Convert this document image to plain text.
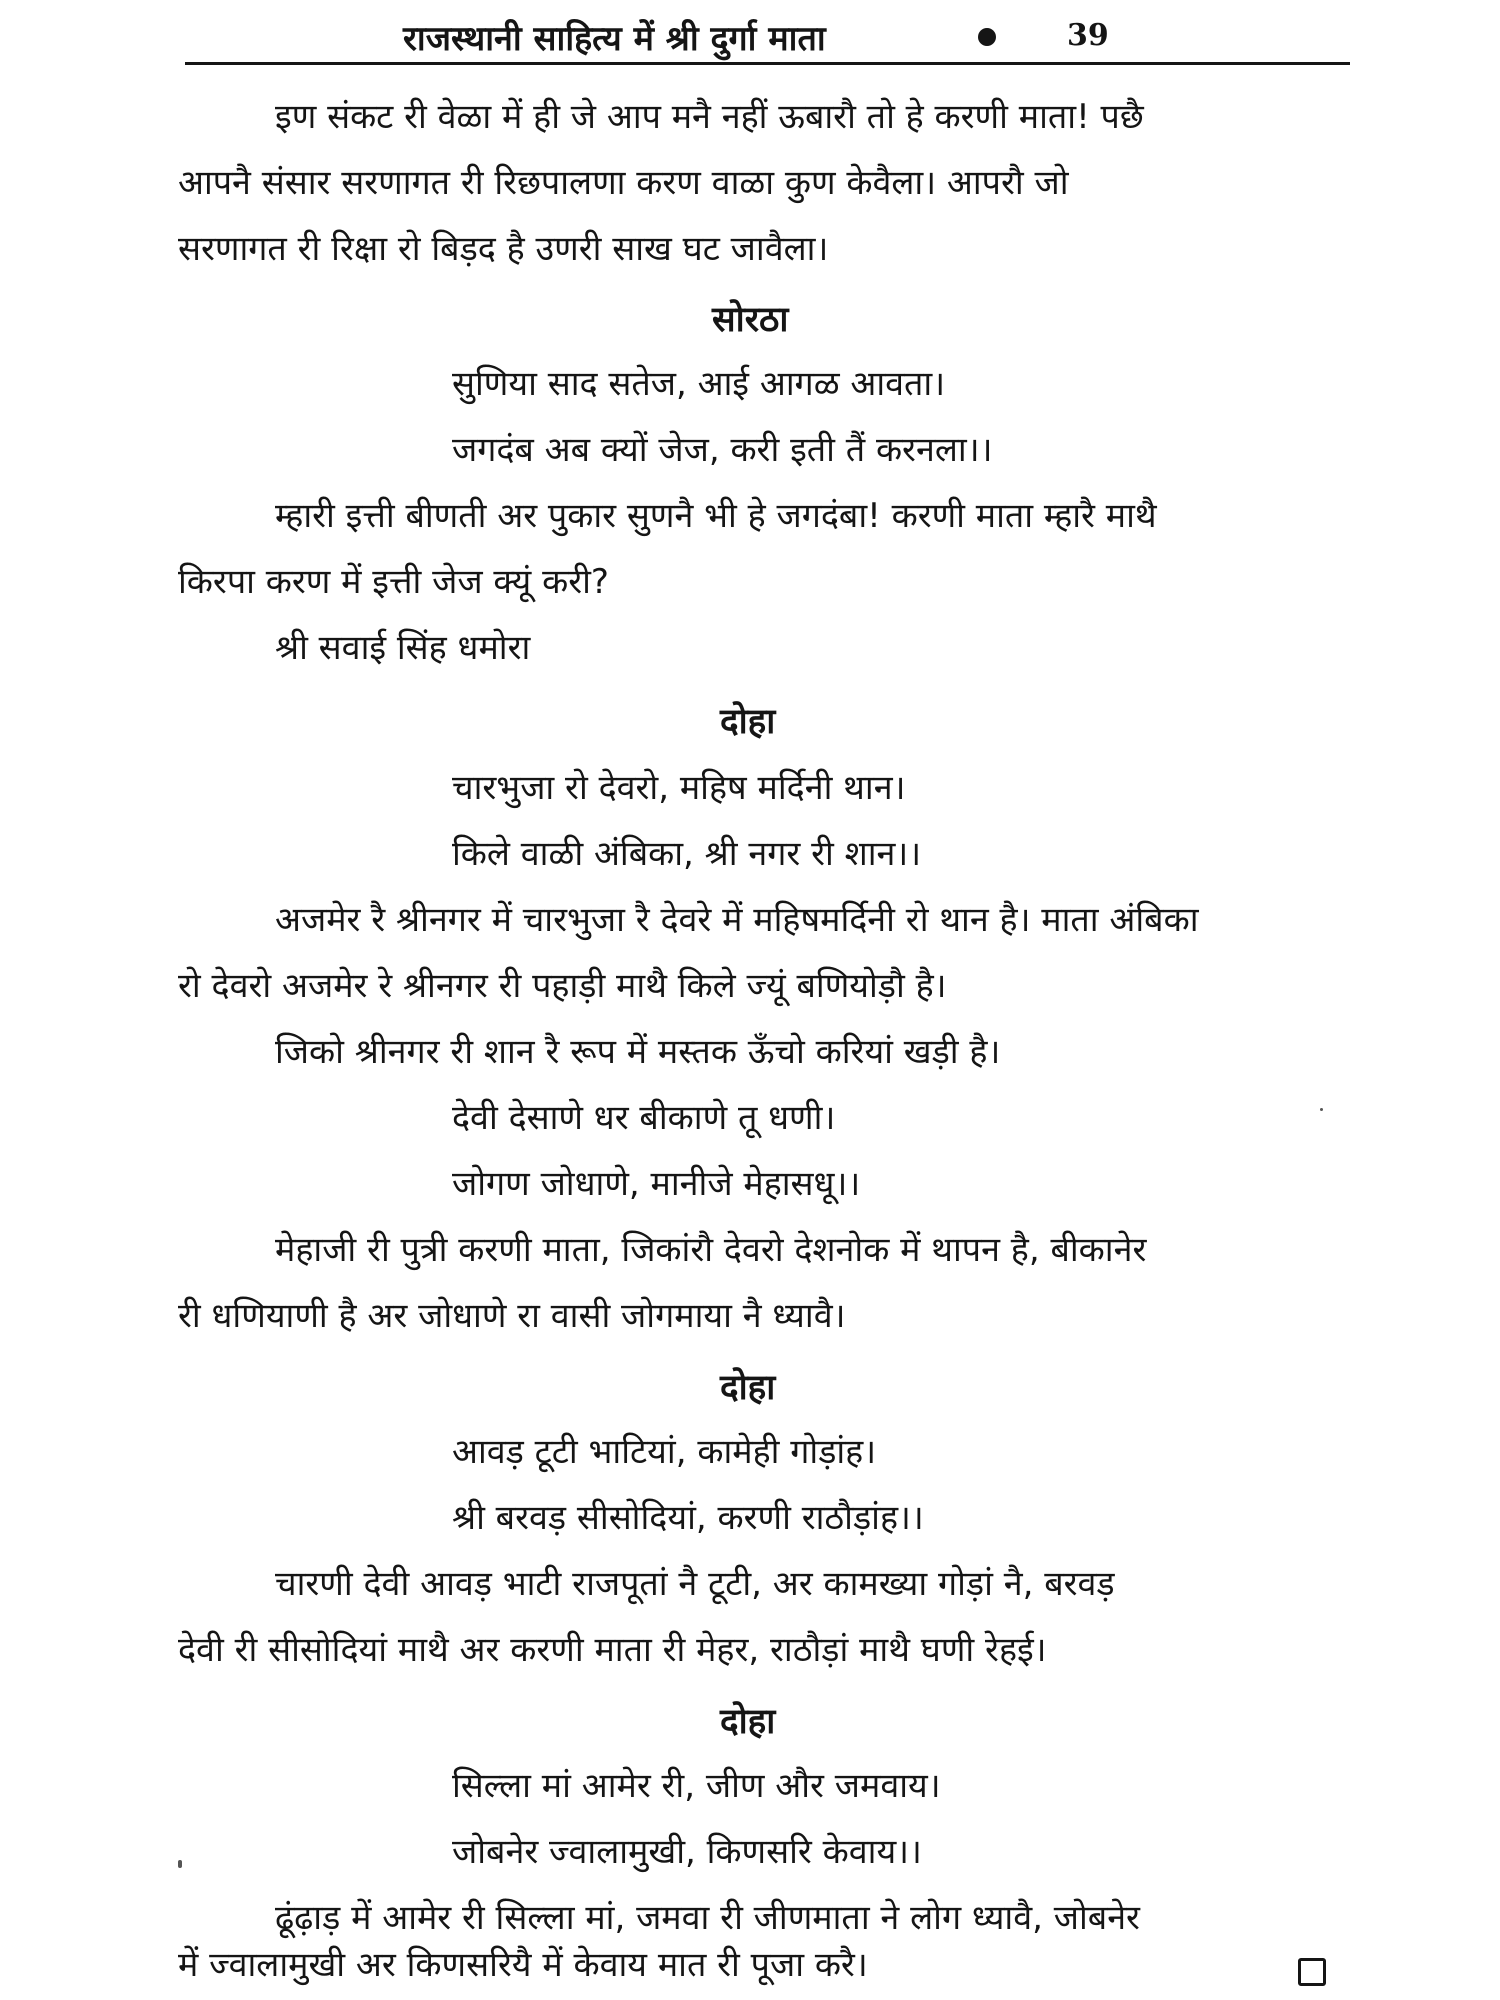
राजस्थानी साहित्य में श्री दुर्गा माता	39
इण संकट री वेळा में ही जे आप मनै नहीं ऊबारौ तो हे करणी माता! पछै
आपनै संसार सरणागत री रिछपालणा करण वाळा कुण केवैला। आपरौ जो
सरणागत री रिक्षा रो बिड़द है उणरी साख घट जावैला।
सोरठा
सुणिया साद सतेज, आई आगळ आवता।
जगदंब अब क्यों जेज, करी इती तैं करनला।।
म्हारी इत्ती बीणती अर पुकार सुणनै भी हे जगदंबा! करणी माता म्हारै माथै
किरपा करण में इत्ती जेज क्यूं करी?
श्री सवाई सिंह धमोरा
दोहा
चारभुजा रो देवरो, महिष मर्दिनी थान।
किले वाळी अंबिका, श्री नगर री शान।।
अजमेर रै श्रीनगर में चारभुजा रै देवरे में महिषमर्दिनी रो थान है। माता अंबिका
रो देवरो अजमेर रे श्रीनगर री पहाड़ी माथै किले ज्यूं बणियोड़ौ है।
जिको श्रीनगर री शान रै रूप में मस्तक ऊँचो करियां खड़ी है।
देवी देसाणे धर बीकाणे तू धणी।
जोगण जोधाणे, मानीजे मेहासधू।।
मेहाजी री पुत्री करणी माता, जिकांरौ देवरो देशनोक में थापन है, बीकानेर
री धणियाणी है अर जोधाणे रा वासी जोगमाया नै ध्यावै।
दोहा
आवड़ टूटी भाटियां, कामेही गोड़ांह।
श्री बरवड़ सीसोदियां, करणी राठौड़ांह।।
चारणी देवी आवड़ भाटी राजपूतां नै टूटी, अर कामख्या गोड़ां नै, बरवड़
देवी री सीसोदियां माथै अर करणी माता री मेहर, राठौड़ां माथै घणी रेहई।
दोहा
सिल्ला मां आमेर री, जीण और जमवाय।
जोबनेर ज्वालामुखी, किणसरि केवाय।।
ढूंढ़ाड़ में आमेर री सिल्ला मां, जमवा री जीणमाता ने लोग ध्यावै, जोबनेर
में ज्वालामुखी अर किणसरियै में केवाय मात री पूजा करै।
